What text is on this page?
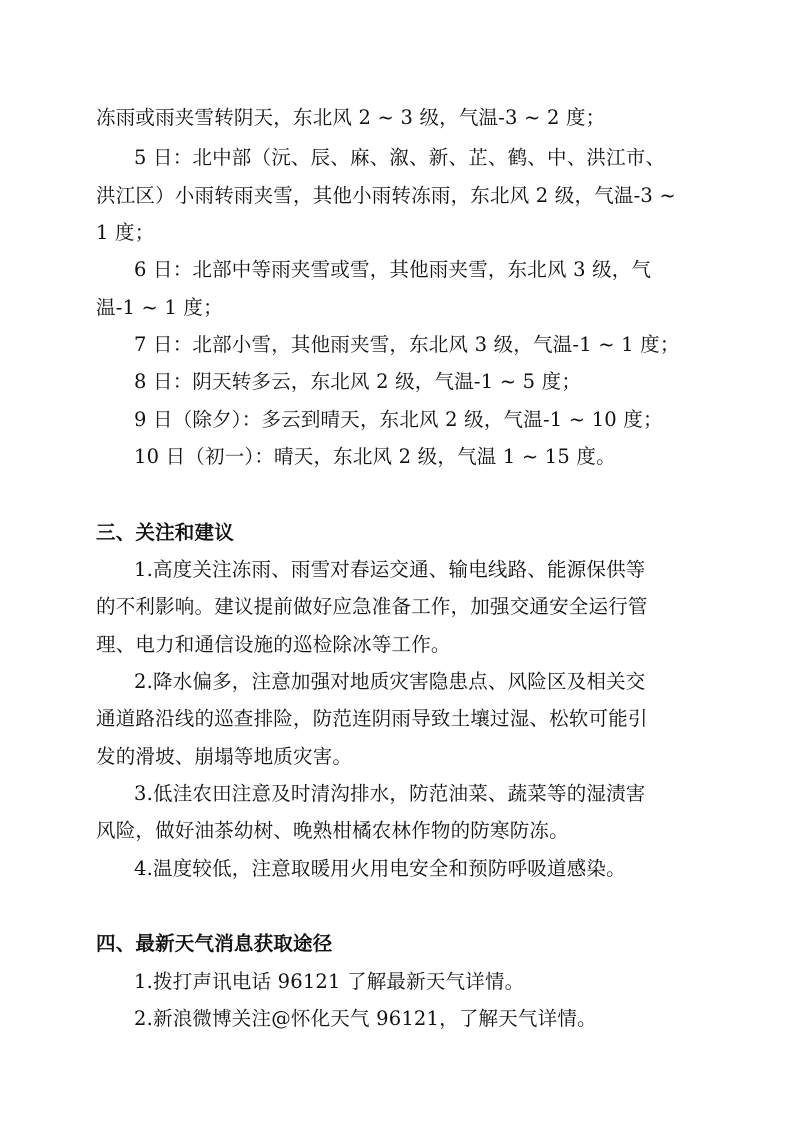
冻雨或雨夹雪转阴天，东北风 2 ~ 3 级，气温-3 ~ 2 度；
5 日：北中部（沅、辰、麻、溆、新、芷、鹤、中、洪江市、
洪江区）小雨转雨夹雪，其他小雨转冻雨，东北风 2 级，气温-3 ~
1 度；
6 日：北部中等雨夹雪或雪，其他雨夹雪，东北风 3 级，气
温-1 ~ 1 度；
7 日：北部小雪，其他雨夹雪，东北风 3 级，气温-1 ~ 1 度；
8 日：阴天转多云，东北风 2 级，气温-1 ~ 5 度；
9 日（除夕）：多云到晴天，东北风 2 级，气温-1 ~ 10 度；
10 日（初一）：晴天，东北风 2 级，气温 1 ~ 15 度。
三、关注和建议
1.高度关注冻雨、雨雪对春运交通、输电线路、能源保供等
的不利影响。建议提前做好应急准备工作，加强交通安全运行管
理、电力和通信设施的巡检除冰等工作。
2.降水偏多，注意加强对地质灾害隐患点、风险区及相关交
通道路沿线的巡查排险，防范连阴雨导致土壤过湿、松软可能引
发的滑坡、崩塌等地质灾害。
3.低洼农田注意及时清沟排水，防范油菜、蔬菜等的湿渍害
风险，做好油茶幼树、晚熟柑橘农林作物的防寒防冻。
4.温度较低，注意取暖用火用电安全和预防呼吸道感染。
四、最新天气消息获取途径
1.拨打声讯电话 96121 了解最新天气详情。
2.新浪微博关注@怀化天气 96121，了解天气详情。
